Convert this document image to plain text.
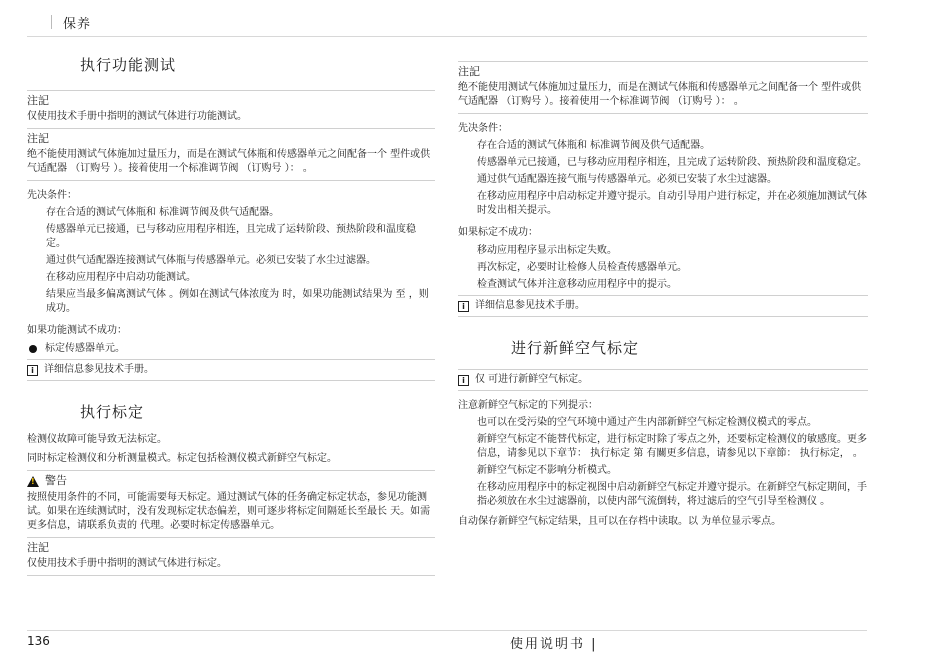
保养
执行功能测试
注記

仅使用技术手册中指明的测试气体进行功能测试。

注記

绝不能使用测试气体施加过量压力，而是在测试气体瓶和传感器单元之间配备一个 型件或供气适配器 （订购号 ）。接着使用一个标准调节阀 （订购号 ）： 。

先决条件：

存在合适的测试气体瓶和 标准调节阀及供气适配器。

传感器单元已接通，已与移动应用程序相连，且完成了运转阶段、预热阶段和温度稳定。

通过供气适配器连接测试气体瓶与传感器单元。必须已安装了水尘过滤器。

在移动应用程序中启动功能测试。

结果应当最多偏离测试气体 。例如在测试气体浓度为 时，如果功能测试结果为 至 ，则成功。

如果功能测试不成功：

标定传感器单元。
i	详细信息参见技术手册。
执行标定

检测仪故障可能导致无法标定。

同时标定检测仪和分析测量模式。标定包括检测仪模式新鲜空气标定。

! 警告

按照使用条件的不同，可能需要每天标定。通过测试气体的任务确定标定状态，参见功能测试。如果在连续测试时，没有发现标定状态偏差，则可逐步将标定间隔延长至最长 天。如需更多信息，请联系负责的 代理。必要时标定传感器单元。

注記

仅使用技术手册中指明的测试气体进行标定。

注記

绝不能使用测试气体施加过量压力，而是在测试气体瓶和传感器单元之间配备一个 型件或供气适配器 （订购号 ）。接着使用一个标准调节阀 （订购号 ）： 。

先决条件：

存在合适的测试气体瓶和 标准调节阀及供气适配器。

传感器单元已接通，已与移动应用程序相连，且完成了运转阶段、预热阶段和温度稳定。

通过供气适配器连接气瓶与传感器单元。必须已安装了水尘过滤器。

在移动应用程序中启动标定并遵守提示。自动引导用户进行标定，并在必须施加测试气体时发出相关提示。

如果标定不成功：

移动应用程序显示出标定失败。

再次标定，必要时让检修人员检查传感器单元。

检查测试气体并注意移动应用程序中的提示。

i	详细信息参见技术手册。
进行新鲜空气标定
i	仅 可进行新鲜空气标定。

注意新鲜空气标定的下列提示：

也可以在受污染的空气环境中通过产生内部新鲜空气标定检测仪模式的零点。

新鲜空气标定不能替代标定，进行标定时除了零点之外，还要标定检测仪的敏感度。更多信息，请参见以下章节： 执行标定 第 有關更多信息，请参见以下章節： 执行标定， 。

新鲜空气标定不影响分析模式。

在移动应用程序中的标定视图中启动新鲜空气标定并遵守提示。在新鲜空气标定期间，手指必须放在水尘过滤器前，以使内部气流倒转，将过滤后的空气引导至检测仪 。

自动保存新鲜空气标定结果，且可以在存档中读取。以 为单位显示零点。

136	使用说明书 |
